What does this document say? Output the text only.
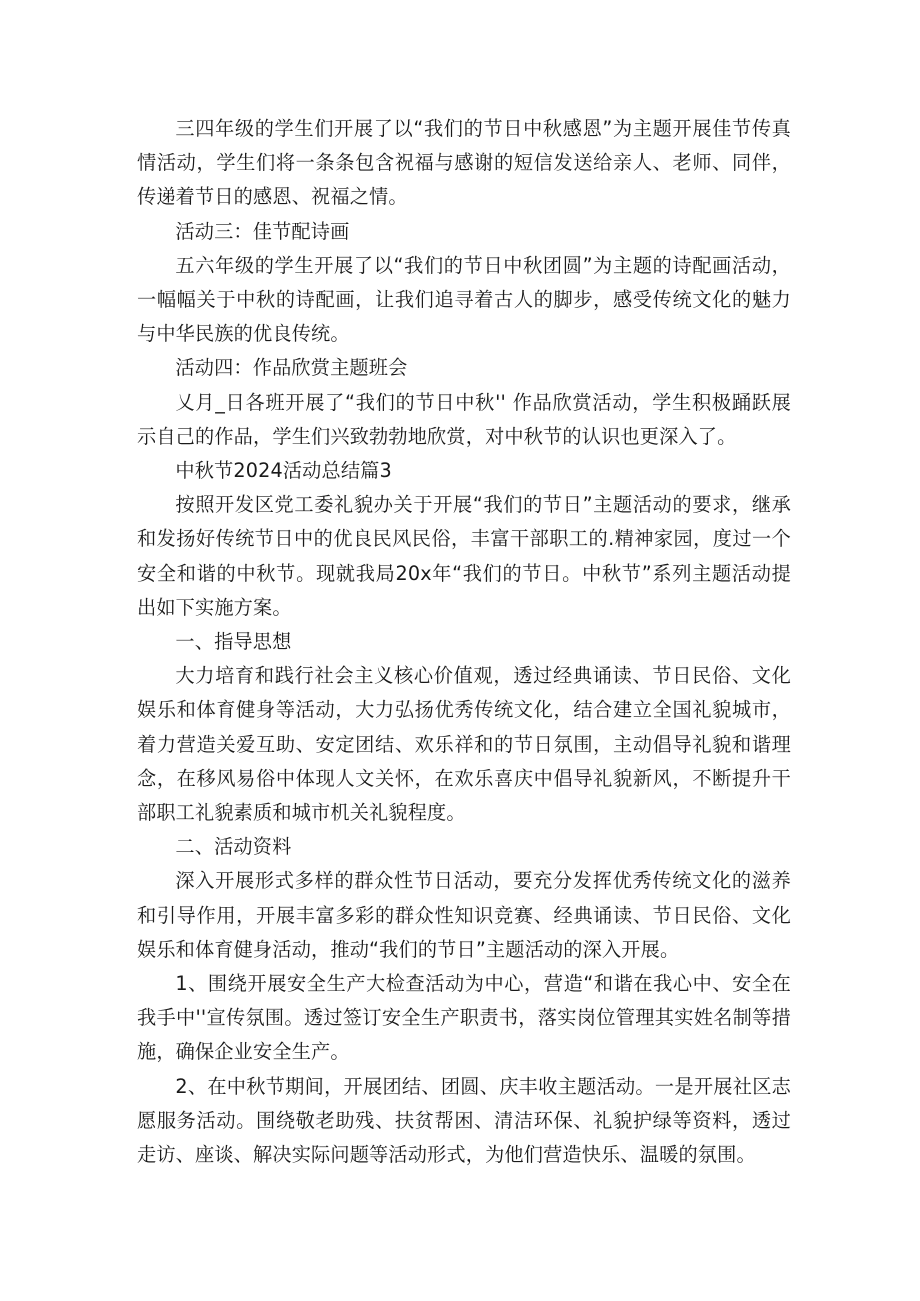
三四年级的学生们开展了以“我们的节日中秋感恩”为主题开展佳节传真情活动，学生们将一条条包含祝福与感谢的短信发送给亲人、老师、同伴，传递着节日的感恩、祝福之情。

活动三：佳节配诗画

五六年级的学生开展了以“我们的节日中秋团圆”为主题的诗配画活动，一幅幅关于中秋的诗配画，让我们追寻着古人的脚步，感受传统文化的魅力与中华民族的优良传统。

活动四：作品欣赏主题班会

乂月_日各班开展了“我们的节日中秋'' 作品欣赏活动，学生积极踊跃展示自己的作品，学生们兴致勃勃地欣赏，对中秋节的认识也更深入了。

中秋节2024活动总结篇3

按照开发区党工委礼貌办关于开展“我们的节日”主题活动的要求，继承和发扬好传统节日中的优良民风民俗，丰富干部职工的.精神家园，度过一个安全和谐的中秋节。现就我局20x年“我们的节日。中秋节”系列主题活动提出如下实施方案。

一、指导思想

大力培育和践行社会主义核心价值观，透过经典诵读、节日民俗、文化娱乐和体育健身等活动，大力弘扬优秀传统文化，结合建立全国礼貌城市，着力营造关爱互助、安定团结、欢乐祥和的节日氛围，主动倡导礼貌和谐理念，在移风易俗中体现人文关怀，在欢乐喜庆中倡导礼貌新风，不断提升干部职工礼貌素质和城市机关礼貌程度。

二、活动资料

深入开展形式多样的群众性节日活动，要充分发挥优秀传统文化的滋养和引导作用，开展丰富多彩的群众性知识竞赛、经典诵读、节日民俗、文化娱乐和体育健身活动，推动“我们的节日”主题活动的深入开展。

1、围绕开展安全生产大检查活动为中心，营造“和谐在我心中、安全在我手中''宣传氛围。透过签订安全生产职责书，落实岗位管理其实姓名制等措施，确保企业安全生产。

2、在中秋节期间，开展团结、团圆、庆丰收主题活动。一是开展社区志愿服务活动。围绕敬老助残、扶贫帮困、清洁环保、礼貌护绿等资料，透过走访、座谈、解决实际问题等活动形式，为他们营造快乐、温暖的氛围。
